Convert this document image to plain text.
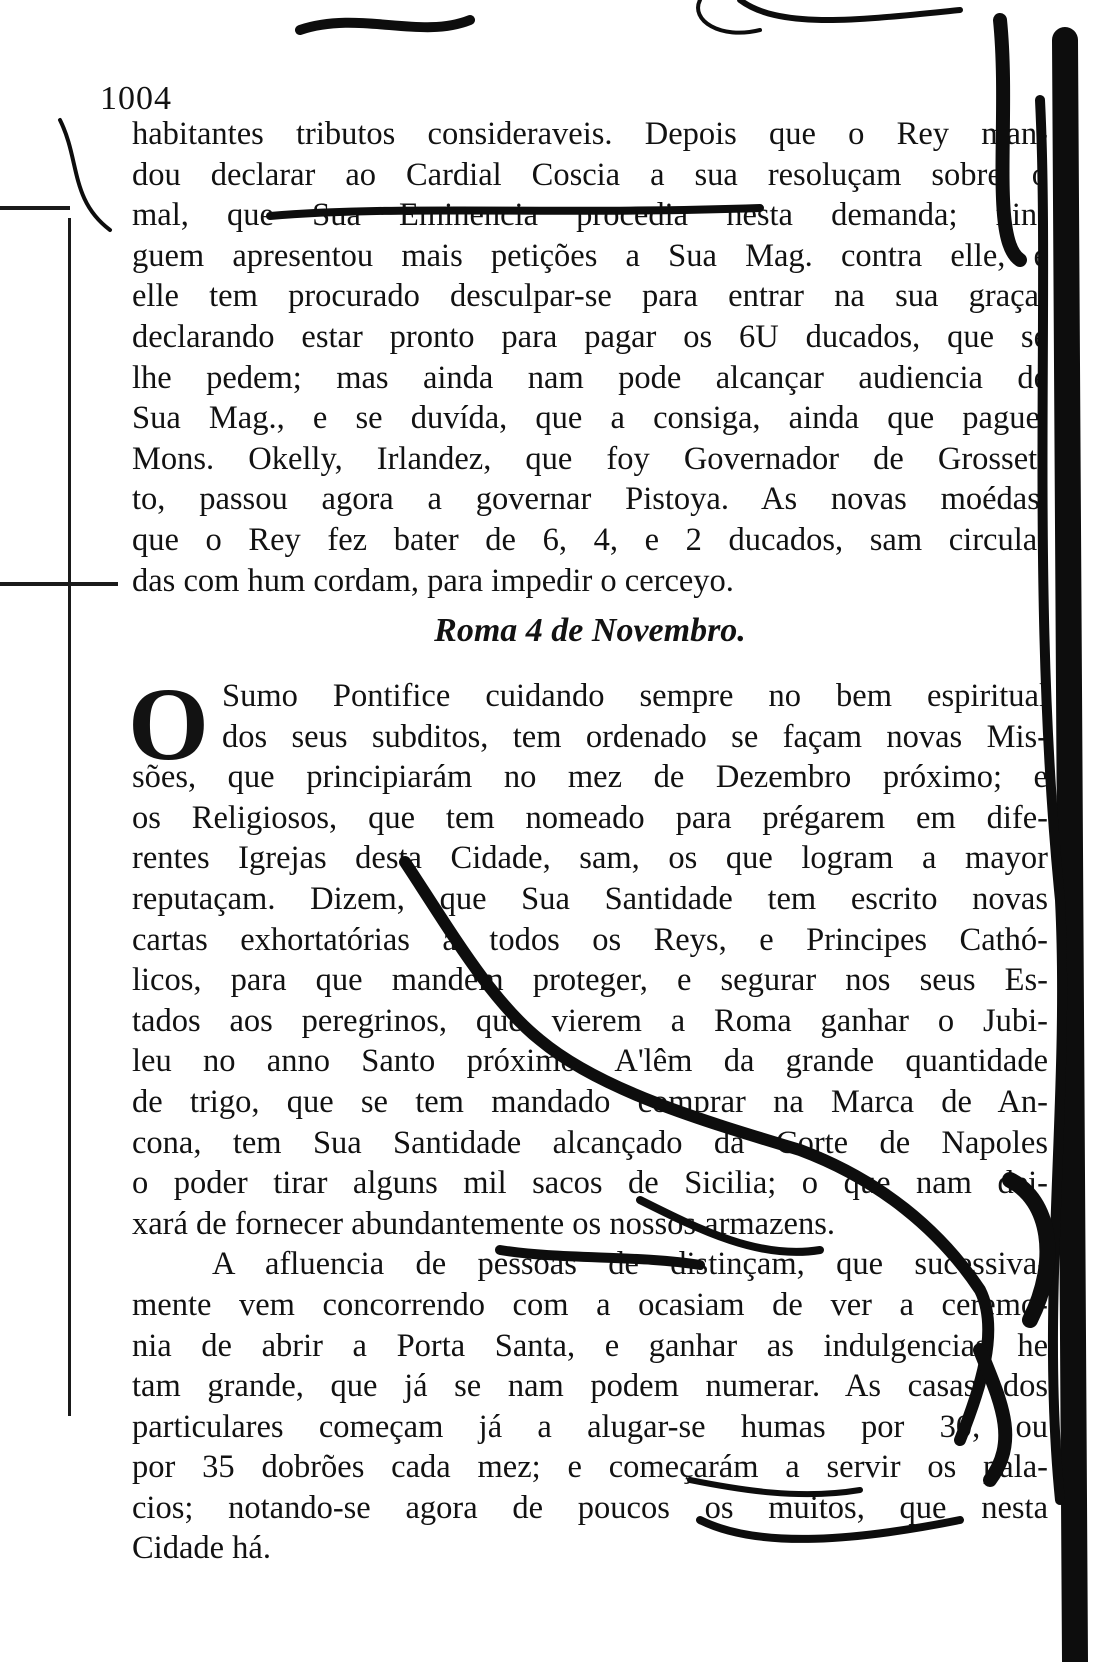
1004
habitantes tributos consideraveis. Depois que o Rey man-
dou declarar ao Cardial Coscia a sua resoluçam sobre o
mal, que Sua Eminencia procedia nesta demanda; nin-
guem apresentou mais petições a Sua Mag. contra elle, e
elle tem procurado desculpar-se para entrar na sua graça;
declarando estar pronto para pagar os 6U ducados, que se
lhe pedem; mas ainda nam pode alcançar audiencia de
Sua Mag., e se duvída, que a consiga, ainda que pague.
Mons. Okelly, Irlandez, que foy Governador de Grosset-
to, passou agora a governar Pistoya. As novas moédas,
que o Rey fez bater de 6, 4, e 2 ducados, sam circula-
das com hum cordam, para impedir o cerceyo.
Roma 4 de Novembro.
O Sumo Pontifice cuidando sempre no bem espiritual
dos seus subditos, tem ordenado se façam novas Mis-
sões, que principiarám no mez de Dezembro próximo; e
os Religiosos, que tem nomeado para prégarem em dife-
rentes Igrejas desta Cidade, sam, os que logram a mayor
reputaçam. Dizem, que Sua Santidade tem escrito novas
cartas exhortatórias a todos os Reys, e Principes Cathó-
licos, para que mandem proteger, e segurar nos seus Es-
tados aos peregrinos, que vierem a Roma ganhar o Jubi-
leu no anno Santo próximo. A'lêm da grande quantidade
de trigo, que se tem mandado comprar na Marca de An-
cona, tem Sua Santidade alcançado da Corte de Napoles
o poder tirar alguns mil sacos de Sicilia; o que nam dei-
xará de fornecer abundantemente os nossos armazens.
A afluencia de pessoas de distinçam, que sucessiva-
mente vem concorrendo com a ocasiam de ver a ceremo-
nia de abrir a Porta Santa, e ganhar as indulgencias he
tam grande, que já se nam podem numerar. As casas dos
particulares começam já a alugar-se humas por 30, ou
por 35 dobrões cada mez; e começarám a servir os pala-
cios; notando-se agora de poucos os muitos, que nesta
Cidade há.
